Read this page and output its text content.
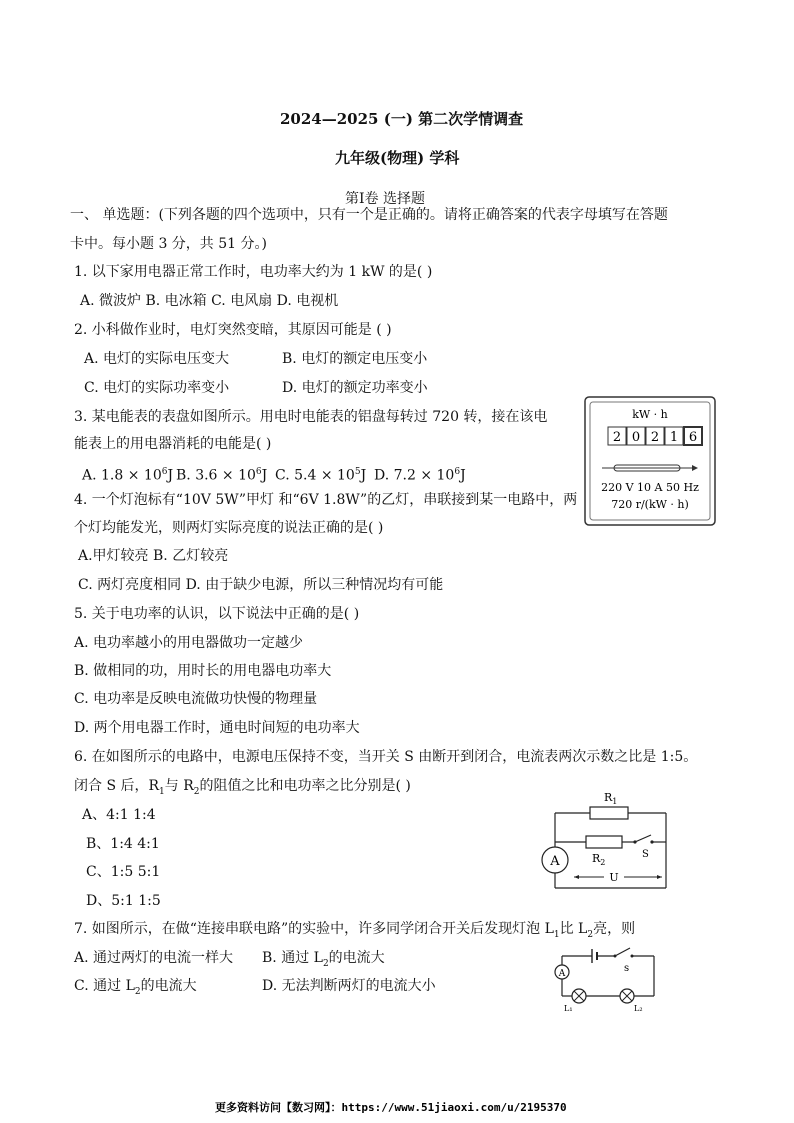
2024—2025 (一) 第二次学情调查
九年级(物理) 学科
第Ⅰ卷 选择题
一、 单选题：(下列各题的四个选项中，只有一个是正确的。请将正确答案的代表字母填写在答题
卡中。每小题 3 分，共 51 分。)
1. 以下家用电器正常工作时，电功率大约为 1 kW 的是( )
A. 微波炉 B. 电冰箱 C. 电风扇 D. 电视机
2. 小科做作业时，电灯突然变暗，其原因可能是 ( )
A. 电灯的实际电压变大	B. 电灯的额定电压变小
C. 电灯的实际功率变小	D. 电灯的额定功率变小
3. 某电能表的表盘如图所示。用电时电能表的铝盘每转过 720 转，接在该电
能表上的用电器消耗的电能是( )
A. $1.8 \times 10^6J$ B. $3.6 \times 10^6J$ C. $5.4 \times 10^5J$ D. $7.2 \times 10^6J$
kW · h
2 0 2 1 6
220 V 10 A 50 Hz
720 r/(kW · h)
4. 一个灯泡标有“10V 5W”甲灯 和“6V 1.8W”的乙灯，串联接到某一电路中，两
个灯均能发光，则两灯实际亮度的说法正确的是( )
A.甲灯较亮 B. 乙灯较亮
C. 两灯亮度相同 D. 由于缺少电源，所以三种情况均有可能
5. 关于电功率的认识，以下说法中正确的是( )
A. 电功率越小的用电器做功一定越少
B. 做相同的功，用时长的用电器电功率大
C. 电功率是反映电流做功快慢的物理量
D. 两个用电器工作时，通电时间短的电功率大
6. 在如图所示的电路中，电源电压保持不变，当开关 S 由断开到闭合，电流表两次示数之比是 1:5。
闭合 S 后，$R_1$与 $R_2$的阻值之比和电功率之比分别是( )
A、4:1 1:4
B、1:4 4:1
C、1:5 5:1
D、5:1 1:5
$R_1$
$R_2$
S
A
U
7. 如图所示，在做“连接串联电路”的实验中，许多同学闭合开关后发现灯泡 $L_1$比 $L_2$亮，则
A. 通过两灯的电流一样大 B. 通过 $L_2$的电流大
C. 通过 $L_2$的电流大	D. 无法判断两灯的电流大小
s
A
L₁	L₂
更多资料访问【数习网】：https://www.51jiaoxi.com/u/2195370
